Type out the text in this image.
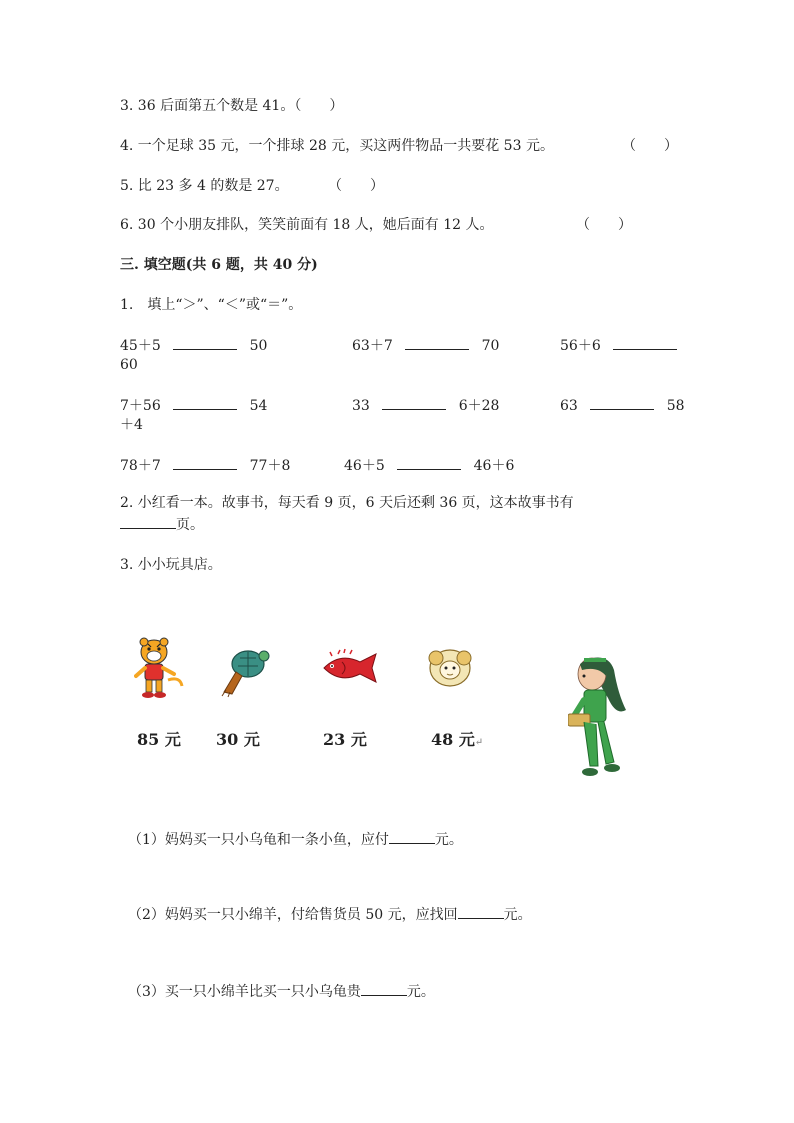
3. 36 后面第五个数是 41。（　　）
4. 一个足球 35 元，一个排球 28 元，买这两件物品一共要花 53 元。	（　　）
5. 比 23 多 4 的数是 27。	（　　）
6. 30 个小朋友排队，笑笑前面有 18 人，她后面有 12 人。	（　　）
三. 填空题(共 6 题，共 40 分)
1.　填上“＞”、“＜”或“＝”。
45＋5	50	63＋7	70	56＋6
60
7＋56	54	33	6＋28	63	58
＋4
78＋7	77＋8	46＋5	46＋6
2. 小红看一本。故事书，每天看 9 页，6 天后还剩 36 页，这本故事书有
页。
3. 小小玩具店。
85 元 30 元	23 元	48 元↵
（1）妈妈买一只小乌龟和一条小鱼，应付	元。
（2）妈妈买一只小绵羊，付给售货员 50 元，应找回	元。
（3）买一只小绵羊比买一只小乌龟贵	元。
